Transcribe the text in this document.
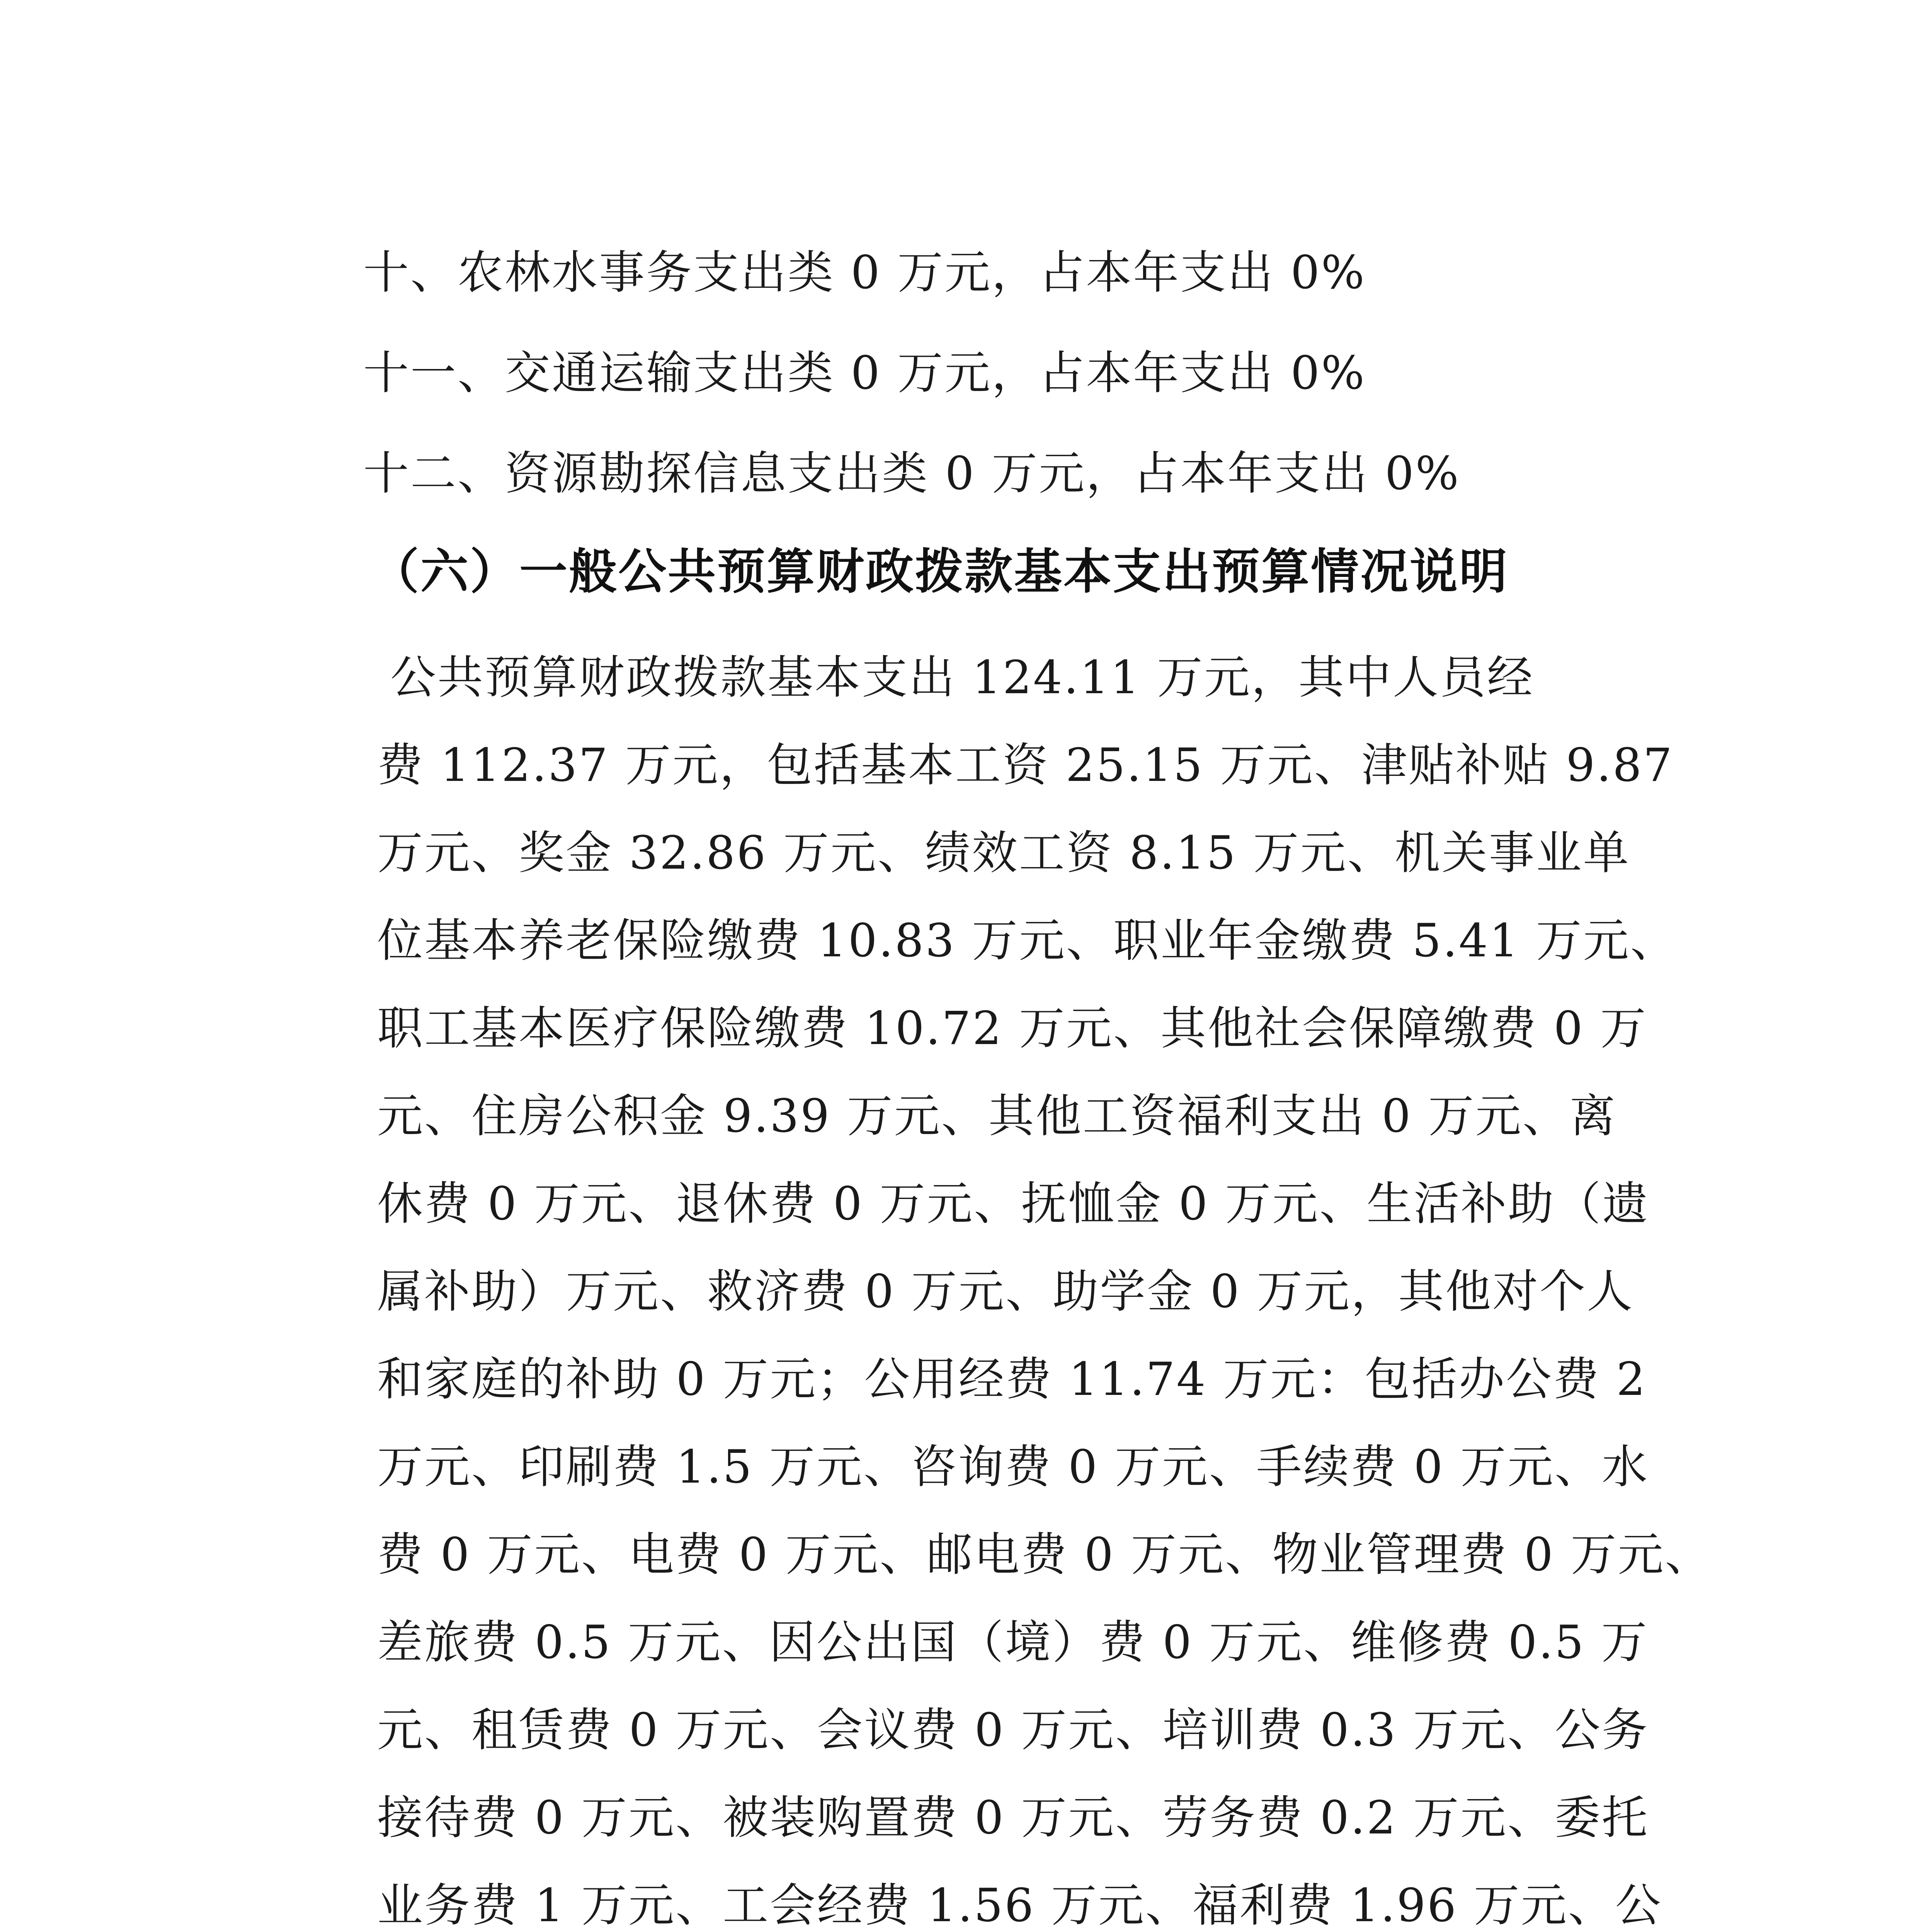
十、农林水事务支出类 0 万元，占本年支出 0%
十一、交通运输支出类 0 万元，占本年支出 0%
十二、资源勘探信息支出类 0 万元，占本年支出 0%
（六）一般公共预算财政拨款基本支出预算情况说明
公共预算财政拨款基本支出 124.11 万元，其中人员经
费 112.37 万元，包括基本工资 25.15 万元、津贴补贴 9.87
万元、奖金 32.86 万元、绩效工资 8.15 万元、机关事业单
位基本养老保险缴费 10.83 万元、职业年金缴费 5.41 万元、
职工基本医疗保险缴费 10.72 万元、其他社会保障缴费 0 万
元、住房公积金 9.39 万元、其他工资福利支出 0 万元、离
休费 0 万元、退休费 0 万元、抚恤金 0 万元、生活补助（遗
属补助）万元、救济费 0 万元、助学金 0 万元，其他对个人
和家庭的补助 0 万元；公用经费 11.74 万元：包括办公费 2
万元、印刷费 1.5 万元、咨询费 0 万元、手续费 0 万元、水
费 0 万元、电费 0 万元、邮电费 0 万元、物业管理费 0 万元、
差旅费 0.5 万元、因公出国（境）费 0 万元、维修费 0.5 万
元、租赁费 0 万元、会议费 0 万元、培训费 0.3 万元、公务
接待费 0 万元、被装购置费 0 万元、劳务费 0.2 万元、委托
业务费 1 万元、工会经费 1.56 万元、福利费 1.96 万元、公
